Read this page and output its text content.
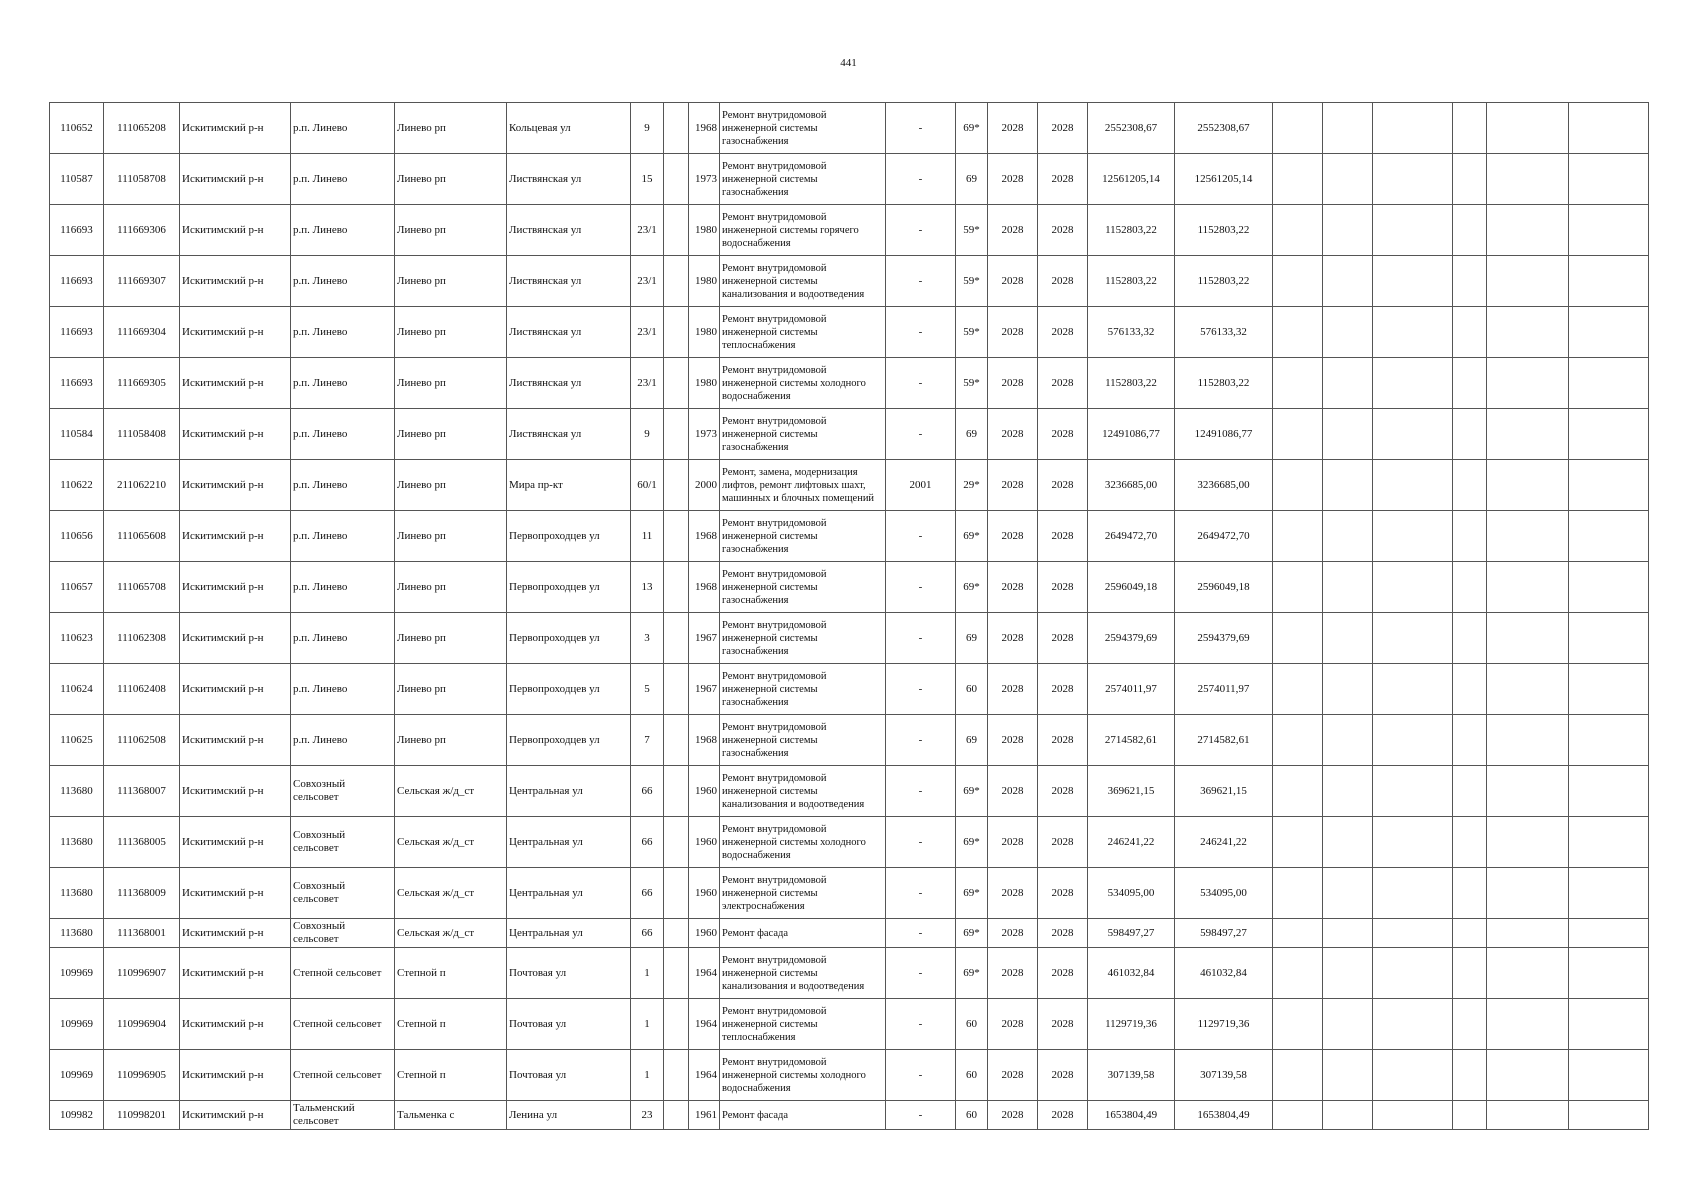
441
110652	111065208	Искитимский р-н	р.п. Линево	Линево рп	Кольцевая ул	9		1968	Ремонт внутридомовой инженерной системы газоснабжения	-	69*	2028	2028	2552308,67	2552308,67						
110587	111058708	Искитимский р-н	р.п. Линево	Линево рп	Листвянская ул	15		1973	Ремонт внутридомовой инженерной системы газоснабжения	-	69	2028	2028	12561205,14	12561205,14						
116693	111669306	Искитимский р-н	р.п. Линево	Линево рп	Листвянская ул	23/1		1980	Ремонт внутридомовой инженерной системы горячего водоснабжения	-	59*	2028	2028	1152803,22	1152803,22						
116693	111669307	Искитимский р-н	р.п. Линево	Линево рп	Листвянская ул	23/1		1980	Ремонт внутридомовой инженерной системы канализования и водоотведения	-	59*	2028	2028	1152803,22	1152803,22						
116693	111669304	Искитимский р-н	р.п. Линево	Линево рп	Листвянская ул	23/1		1980	Ремонт внутридомовой инженерной системы теплоснабжения	-	59*	2028	2028	576133,32	576133,32						
116693	111669305	Искитимский р-н	р.п. Линево	Линево рп	Листвянская ул	23/1		1980	Ремонт внутридомовой инженерной системы холодного водоснабжения	-	59*	2028	2028	1152803,22	1152803,22						
110584	111058408	Искитимский р-н	р.п. Линево	Линево рп	Листвянская ул	9		1973	Ремонт внутридомовой инженерной системы газоснабжения	-	69	2028	2028	12491086,77	12491086,77						
110622	211062210	Искитимский р-н	р.п. Линево	Линево рп	Мира пр-кт	60/1		2000	Ремонт, замена, модернизация лифтов, ремонт лифтовых шахт, машинных и блочных помещений	2001	29*	2028	2028	3236685,00	3236685,00						
110656	111065608	Искитимский р-н	р.п. Линево	Линево рп	Первопроходцев ул	11		1968	Ремонт внутридомовой инженерной системы газоснабжения	-	69*	2028	2028	2649472,70	2649472,70						
110657	111065708	Искитимский р-н	р.п. Линево	Линево рп	Первопроходцев ул	13		1968	Ремонт внутридомовой инженерной системы газоснабжения	-	69*	2028	2028	2596049,18	2596049,18						
110623	111062308	Искитимский р-н	р.п. Линево	Линево рп	Первопроходцев ул	3		1967	Ремонт внутридомовой инженерной системы газоснабжения	-	69	2028	2028	2594379,69	2594379,69						
110624	111062408	Искитимский р-н	р.п. Линево	Линево рп	Первопроходцев ул	5		1967	Ремонт внутридомовой инженерной системы газоснабжения	-	60	2028	2028	2574011,97	2574011,97						
110625	111062508	Искитимский р-н	р.п. Линево	Линево рп	Первопроходцев ул	7		1968	Ремонт внутридомовой инженерной системы газоснабжения	-	69	2028	2028	2714582,61	2714582,61						
113680	111368007	Искитимский р-н	Совхозный сельсовет	Сельская ж/д_ст	Центральная ул	66		1960	Ремонт внутридомовой инженерной системы канализования и водоотведения	-	69*	2028	2028	369621,15	369621,15						
113680	111368005	Искитимский р-н	Совхозный сельсовет	Сельская ж/д_ст	Центральная ул	66		1960	Ремонт внутридомовой инженерной системы холодного водоснабжения	-	69*	2028	2028	246241,22	246241,22						
113680	111368009	Искитимский р-н	Совхозный сельсовет	Сельская ж/д_ст	Центральная ул	66		1960	Ремонт внутридомовой инженерной системы электроснабжения	-	69*	2028	2028	534095,00	534095,00						
113680	111368001	Искитимский р-н	Совхозный сельсовет	Сельская ж/д_ст	Центральная ул	66		1960	Ремонт фасада	-	69*	2028	2028	598497,27	598497,27						
109969	110996907	Искитимский р-н	Степной сельсовет	Степной п	Почтовая ул	1		1964	Ремонт внутридомовой инженерной системы канализования и водоотведения	-	69*	2028	2028	461032,84	461032,84						
109969	110996904	Искитимский р-н	Степной сельсовет	Степной п	Почтовая ул	1		1964	Ремонт внутридомовой инженерной системы теплоснабжения	-	60	2028	2028	1129719,36	1129719,36						
109969	110996905	Искитимский р-н	Степной сельсовет	Степной п	Почтовая ул	1		1964	Ремонт внутридомовой инженерной системы холодного водоснабжения	-	60	2028	2028	307139,58	307139,58						
109982	110998201	Искитимский р-н	Тальменский сельсовет	Тальменка с	Ленина ул	23		1961	Ремонт фасада	-	60	2028	2028	1653804,49	1653804,49						
